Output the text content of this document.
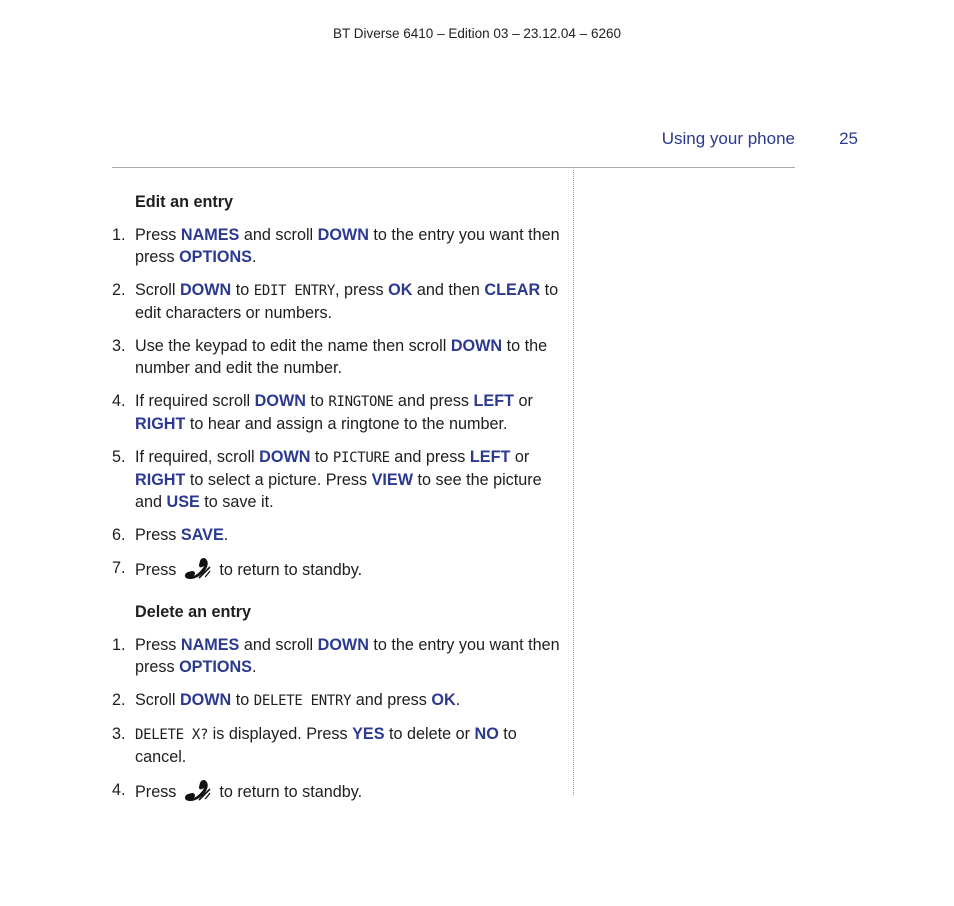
BT Diverse 6410 – Edition 03 – 23.12.04 – 6260
Using your phone	25
Edit an entry
1. Press NAMES and scroll DOWN to the entry you want then press OPTIONS.
2. Scroll DOWN to EDIT ENTRY, press OK and then CLEAR to edit characters or numbers.
3. Use the keypad to edit the name then scroll DOWN to the number and edit the number.
4. If required scroll DOWN to RINGTONE and press LEFT or RIGHT to hear and assign a ringtone to the number.
5. If required, scroll DOWN to PICTURE and press LEFT or RIGHT to select a picture. Press VIEW to see the picture and USE to save it.
6. Press SAVE.
7. Press  to return to standby.
Delete an entry
1. Press NAMES and scroll DOWN to the entry you want then press OPTIONS.
2. Scroll DOWN to DELETE ENTRY and press OK.
3. DELETE X? is displayed. Press YES to delete or NO to cancel.
4. Press  to return to standby.
